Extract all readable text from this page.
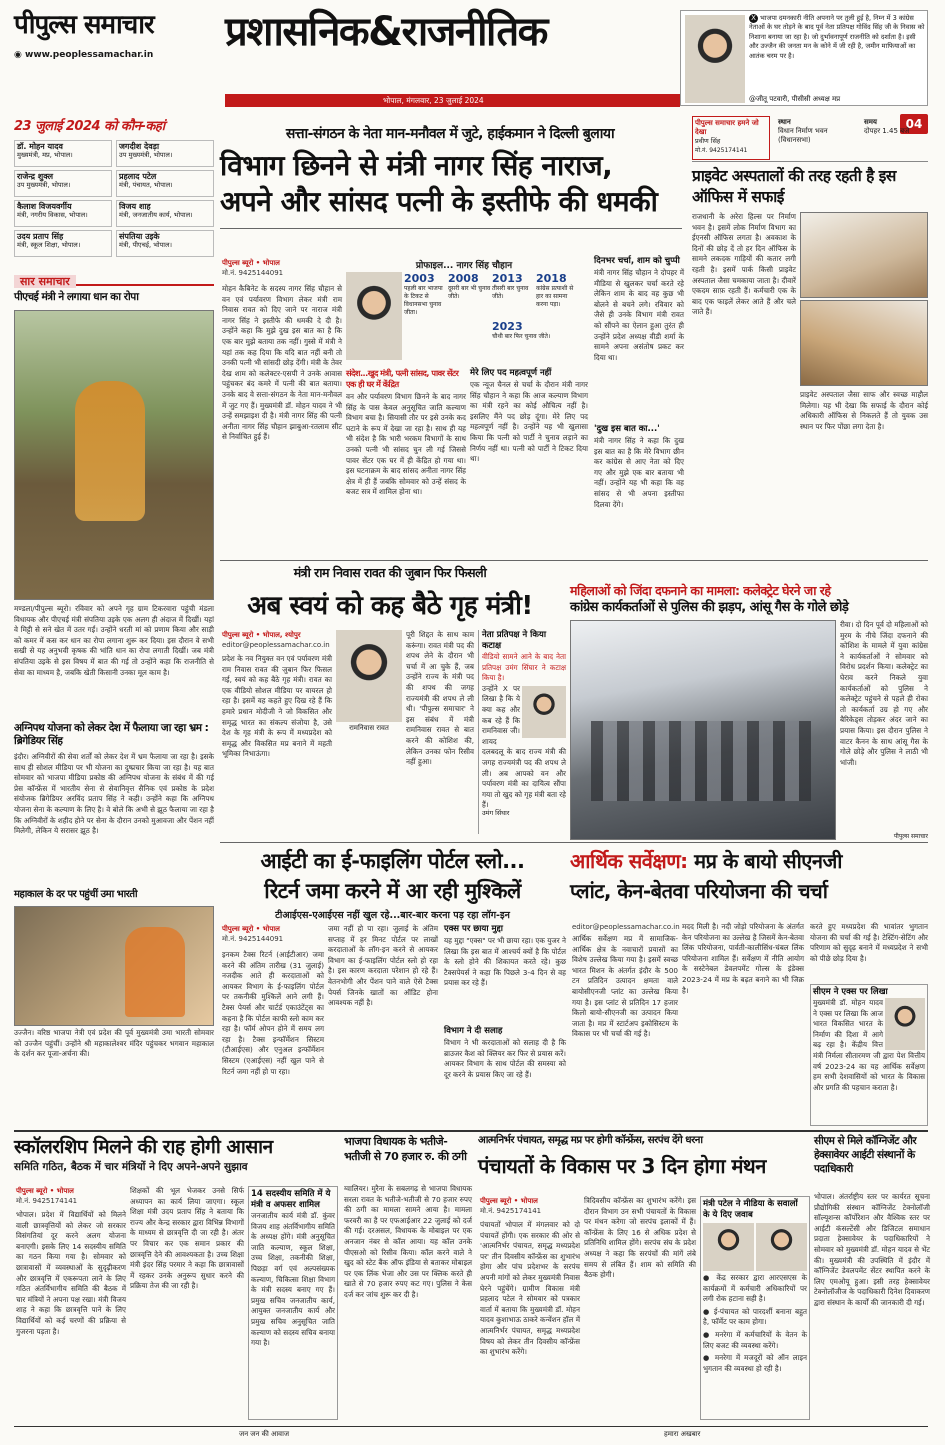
पीपुल्स समाचार
◉ www.peoplessamachar.in	प्रशासनिक&राजनीतिक
भोपाल, मंगलवार, 23 जुलाई 2024
X भाजपा दमनकारी नीति अपनाने पर तुली हुई है, निम्न में 3 कांग्रेस नेताओं के घर तोड़ने के बाद पूर्व नेता प्रतिपक्ष गोविंद सिंह जी के निवास को निशाना बनाया जा रहा है। जो दुर्भावनापूर्ण राजनीति को दर्शाता है। इसी और उज्जैन की जनता मन के कोने में जी रही है, जमीन माफियाओं का आतंक चरम पर है।
@जीतू पटवारी, पीसीसी अध्यक्ष मप्र
04
23 जुलाई 2024 को कौन-कहां
डॉ. मोहन यादव
मुख्यमंत्री, मप्र, भोपाल।
जगदीश देवड़ा
उप मुख्यमंत्री, भोपाल।
राजेन्द्र शुक्ल
उप मुख्यमंत्री, भोपाल।
प्रहलाद पटेल
मंत्री, पंचायत, भोपाल।
कैलाश विजयवर्गीय
मंत्री, नगरीय विकास, भोपाल।
विजय शाह
मंत्री, जनजातीय कार्य, भोपाल।
उदय प्रताप सिंह
मंत्री, स्कूल शिक्षा, भोपाल।
संपतिया उइके
मंत्री, पीएचई, भोपाल।
सार समाचार
पीएचई मंत्री ने लगाया धान का रोपा
मण्डला/पीपुल्स ब्यूरो। रविवार को अपने गृह ग्राम टिकरवारा पहुंची मंडला विधायक और पीएचई मंत्री संपतिया उइके एक अलग ही अंदाज में दिखीं। यहां वे मिट्टी से सने खेत में उतर गईं। उन्होंने धरती मां को प्रणाम किया और साड़ी को कमर में कस कर धान का रोपा लगाना शुरू कर दिया। इस दौरान वे सभी सखी से यह अनुभवी कृषक की भांति धान का रोपा लगाती दिखीं। जब मंत्री संपतिया उइके से इस विषय में बात की गई तो उन्होंने कहा कि राजनीति से सेवा का माध्यम है, जबकि खेती किसानी उनका मूल काम है।
अग्निपथ योजना को लेकर देश में फैलाया जा रहा भ्रम : ब्रिगेडियर सिंह
इंदौर। अग्निवीरों की सेवा शर्तों को लेकर देश में भ्रम फैलाया जा रहा है। इसके साथ ही सोशल मीडिया पर भी योजना का दुष्प्रचार किया जा रहा है। यह बात सोमवार को भाजपा मीडिया प्रकोष्ठ की अग्निपथ योजना के संबंध में की गई प्रेस कॉन्फ्रेंस में भारतीय सेना से सेवानिवृत्त सैनिक एवं प्रकोष्ठ के प्रदेश संयोजक ब्रिगेडियर अरविंद प्रताप सिंह ने कही। उन्होंने कहा कि अग्निपथ योजना सेना के कल्याण के लिए है। वे बोले कि अभी से झूठ फैलाया जा रहा है कि अग्निवीरों के शहीद होने पर सेना के दौरान उनको मुआवजा और पेंशन नहीं मिलेगी, लेकिन ये सरासर झूठ है।
महाकाल के दर पर पहुंचीं उमा भारती
उज्जैन। वरिष्ठ भाजपा नेत्री एवं प्रदेश की पूर्व मुख्यमंत्री उमा भारती सोमवार को उज्जैन पहुंचीं। उन्होंने श्री महाकालेश्वर मंदिर पहुंचकर भगवान महाकाल के दर्शन कर पूजा-अर्चना की।
सत्ता-संगठन के नेता मान-मनौवल में जुटे, हाईकमान ने दिल्ली बुलाया
विभाग छिनने से मंत्री नागर सिंह नाराज,
अपने और सांसद पत्नी के इस्तीफे की धमकी
पीपुल्स ब्यूरो • भोपाल
मो.नं. 9425144091
मोहन कैबिनेट के सदस्य नागर सिंह चौहान से वन एवं पर्यावरण विभाग लेकर मंत्री राम निवास रावत को दिए जाने पर नाराज मंत्री नागर सिंह ने इस्तीफे की धमकी दे दी है। उन्होंने कहा कि मुझे दुख इस बात का है कि एक बार मुझे बताया तक नहीं। गुस्से में मंत्री ने यहां तक कह दिया कि यदि बात नहीं बनी तो उनकी पत्नी भी सांसदी छोड़ देंगी। मंत्री के तेवर देख शाम को कलेक्टर-एसपी ने उनके आवास पहुंचकर बंद कमरे में पत्नी की बात बताया। उनके बाद वे सत्ता-संगठन के नेता मान-मनौवल में जुट गए हैं। मुख्यमंत्री डॉ. मोहन यादव ने भी उन्हें समझाइश दी है। मंत्री नागर सिंह की पत्नी अनीता नागर सिंह चौहान झाबुआ-रतलाम सीट से निर्वाचित हुई हैं।
प्रोफाइल... नागर सिंह चौहान
2003
पहली बार भाजपा के टिकट से विधानसभा चुनाव जीता।
2008
दूसरी बार भी चुनाव जीते।
2013
तीसरी बार चुनाव जीते।
2018
कांग्रेस प्रत्याशी से हार का सामना करना पड़ा।
2023
चौथी बार फिर चुनाव जीते।
संदेश...खुद मंत्री, पत्नी सांसद, पावर सेंटर एक ही घर में केंद्रित
वन और पर्यावरण विभाग छिनने के बाद नागर सिंह के पास केवल अनुसूचित जाति कल्याण विभाग बचा है। सियासी तौर पर इसे उनके कद घटाने के रूप में देखा जा रहा है। साथ ही यह भी संदेश है कि भारी भरकम विभागों के साथ उनको पत्नी भी सांसद चुन ली गई जिससे पावर सेंटर एक घर में ही केंद्रित हो गया था। इस घटनाक्रम के बाद सांसद अनीता नागर सिंह क्षेत्र में ही हैं जबकि सोमवार को उन्हें संसद के बजट सत्र में शामिल होना था।
मेरे लिए पद महत्वपूर्ण नहीं
एक न्यूज चैनल से चर्चा के दौरान मंत्री नागर सिंह चौहान ने कहा कि आज कल्याण विभाग का मंत्री रहने का कोई औचित्य नहीं है। इसलिए मैंने पद छोड़ दूंगा। मेरे लिए पद महत्वपूर्ण नहीं है। उन्होंने यह भी खुलासा किया कि पत्नी को पार्टी ने चुनाव लड़ाने का निर्णय नहीं था। पत्नी को पार्टी ने टिकट दिया था।
दिनभर चर्चा, शाम को चुप्पी
मंत्री नागर सिंह चौहान ने दोपहर में मीडिया से खुलकर चर्चा करते रहे लेकिन शाम के बाद वह कुछ भी बोलने से बचने लगे। रविवार को जैसे ही उनके विभाग मंत्री रावत को सौंपने का ऐलान हुआ तुरंत ही उन्होंने प्रदेश अध्यक्ष वीडी शर्मा के सामने अपना असंतोष प्रकट कर दिया था।
'दुख इस बात का...'
मंत्री नागर सिंह ने कहा कि दुख इस बात का है कि मेरे विभाग छीन कर कांग्रेस से आए नेता को दिए गए और मुझे एक बार बताया भी नहीं। उन्होंने यह भी कहा कि वह सांसद से भी अपना इस्तीफा दिलवा देंगे।
पीपुल्स समाचार हमने जो देखा
प्रवीण सिंह
मो.नं. 9425174141
स्थान
विधान निर्माण भवन (विधानसभा)
समय
दोपहर 1.45 बजे
प्राइवेट अस्पतालों की तरह रहती है इस ऑफिस में सफाई
राजधानी के अरेरा हिल्स पर निर्माण भवन है। इसमें लोक निर्माण विभाग का ईएनसी ऑफिस लगता है। अवकाश के दिनों की छोड़ दें तो हर दिन ऑफिस के सामने लकदक गाड़ियों की कतार लगी रहती है। इसमें पार्क किसी प्राइवेट अस्पताल जैसा चमकाया जाता है। दीवारें एकदम साफ़ रहती हैं। कर्मचारी एक के बाद एक फाइलें लेकर आते हैं और चले जाते हैं।
प्राइवेट अस्पताल जैसा साफ और स्वच्छ माहौल मिलेगा। यह भी देखा कि सफाई के दौरान कोई अधिकारी ऑफिस से निकलते हैं तो युवक उस स्थान पर फिर पोंछा लगा देता है।
मंत्री राम निवास रावत की जुबान फिर फिसली
अब स्वयं को कह बैठे गृह मंत्री!
पीपुल्स ब्यूरो • भोपाल, श्योपुर
editor@peoplessamachar.co.in
प्रदेश के नव नियुक्त वन एवं पर्यावरण मंत्री राम निवास रावत की जुबान फिर फिसल गई, स्वयं को कह बैठे गृह मंत्री। रावत का एक वीडियो सोशल मीडिया पर वायरल हो रहा है। इसमें वह कहते हुए दिख रहे हैं कि हमारे प्रधान मोदीजी ने जो विकसित और समृद्ध भारत का संकल्प संजोया है, उसे देश के गृह मंत्री के रूप में मध्यप्रदेश को समृद्ध और विकसित मप्र बनाने में महती भूमिका निभाऊंगा।
रामनिवास रावत
पूरी शिद्दत के साथ काम करूंगा। रावत मंत्री पद की शपथ लेने के दौरान भी चर्चा में आ चुके हैं, जब उन्होंने राज्य के मंत्री पद की शपथ की जगह राज्यमंत्री की शपथ ले ली थी। 'पीपुल्स समाचार' ने इस संबंध में मंत्री रामनिवास रावत से बात करने की कोशिश की, लेकिन उनका फोन रिसीव नहीं हुआ।
नेता प्रतिपक्ष ने किया कटाक्ष
वीडियो सामने आने के बाद नेता प्रतिपक्ष उमंग सिंघार ने कटाक्ष किया है।
उन्होंने X पर लिखा है कि ये क्या कह और कब रहे हैं कि रामनिवास जी। शायद दलबदलू के बाद राज्य मंत्री की जगह राज्यमंत्री पद की शपथ ले ली। अब आपको वन और पर्यावरण मंत्री का दायित्व सौंपा गया तो खुद को गृह मंत्री बता रहे हैं।
उमंग सिंघार
महिलाओं को जिंदा दफनाने का मामला: कलेक्ट्रेट घेरने जा रहे
कांग्रेस कार्यकर्ताओं से पुलिस की झड़प, आंसू गैस के गोले छोड़े
रीवा। दो दिन पूर्व दो महिलाओं को मुरम के नीचे जिंदा दफनाने की कोशिश के मामले में युवा कांग्रेस ने कार्यकर्ताओं ने सोमवार को विरोध प्रदर्शन किया। कलेक्ट्रेट का घेराव करने निकले युवा कार्यकर्ताओं को पुलिस ने कलेक्ट्रेट पहुंचने से पहले ही रोका तो कार्यकर्ता उग्र हो गए और बैरिकेड्स तोड़कर अंदर जाने का प्रयास किया। इस दौरान पुलिस ने वाटर कैनन के साथ आंसू गैस के गोले छोड़े और पुलिस ने लाठी भी भांजी।
पीपुल्स समाचार
आईटी का ई-फाइलिंग पोर्टल स्लो...
रिटर्न जमा करने में आ रही मुश्किलें
टीआईएस-एआईएस नहीं खुल रहे...बार-बार करना पड़ रहा लॉग-इन
पीपुल्स ब्यूरो • भोपाल
मो.नं. 9425144091
इनकम टैक्स रिटर्न (आईटीआर) जमा करने की अंतिम तारीख (31 जुलाई) नजदीक आते ही करदाताओं को आयकर विभाग के ई-फाइलिंग पोर्टल पर तकनीकी मुश्किलें आने लगी हैं। टैक्स पेयर्स और चार्टर्ड एकाउंटेंट्स का कहना है कि पोर्टल काफी स्लो काम कर रहा है। फॉर्म ओपन होने में समय लग रहा है। टैक्स इन्फॉर्मेशन सिस्टम (टीआईएस) और एनुअल इन्फॉर्मेशन सिस्टम (एआईएस) नहीं खुल पाने से रिटर्न जमा नहीं हो पा रहा।
जमा नहीं हो पा रहा। जुलाई के अंतिम सप्ताह में हर मिनट पोर्टल पर लाखों करदाताओं के लॉग-इन करने से आयकर विभाग का ई-फाइलिंग पोर्टल स्लो हो रहा है। इस कारण करदाता परेशान हो रहे हैं। वेतनभोगी और पेंशन पाने वाले ऐसे टैक्स पेयर्स जिनके खातों का ऑडिट होना आवश्यक नहीं है।
एक्स पर छाया मुद्दा
यह मुद्दा "एक्स" पर भी छाया रहा। एक युजर ने लिखा कि इस बात में आश्चर्य क्यों है कि पोर्टल के स्लो होने की शिकायत करते रहे। कुछ टैक्सपेयर्स ने कहा कि पिछले 3-4 दिन से वह प्रयास कर रहे हैं।
विभाग ने दी सलाह
विभाग ने भी करदाताओं को सलाह दी है कि ब्राउजर कैश को क्लियर कर फिर से प्रयास करें। आयकर विभाग के साथ पोर्टल की समस्या को दूर करने के प्रयास किए जा रहे हैं।
आर्थिक सर्वेक्षण: मप्र के बायो सीएनजी
प्लांट, केन-बेतवा परियोजना की चर्चा
editor@peoplessamachar.co.in
आर्थिक सर्वेक्षण मप्र में सामाजिक-आर्थिक क्षेत्र के नवाचारों प्रयासों का विशेष उल्लेख किया गया है। इसमें स्वच्छ भारत मिशन के अंतर्गत इंदौर के 500 टन प्रतिदिन उत्पादन क्षमता वाले बायोसीएनजी प्लांट का उल्लेख किया गया है। इस प्लांट से प्रतिदिन 17 हजार किलो बायो-सीएनजी का उत्पादन किया जाता है। मप्र में स्टार्टअप इकोसिस्टम के विकास पर भी चर्चा की गई है।
मदद मिली है। नदी जोड़ो परियोजना के अंतर्गत केन परियोजना का उल्लेख है जिसमें केन-बेतवा लिंक परियोजना, पार्वती-कालीसिंध-चंबल लिंक परियोजना शामिल हैं। सर्वेक्षण में नीति आयोग के सस्टेनेबल डेवलपमेंट गोल्स के इंडेक्स 2023-24 में मप्र के बढ़त बनाने का भी जिक्र है।
करते हुए मध्यप्रदेश की भावांतर भुगतान योजना की चर्चा की गई है। टेस्टिंग-सेटिंग और परिणाम को सुदृढ़ बनाने में मध्यप्रदेश ने सभी को पीछे छोड़ दिया है।
सीएम ने एक्स पर लिखा
मुख्यमंत्री डॉ. मोहन यादव ने एक्स पर लिखा कि आज भारत विकसित भारत के निर्माण की दिशा में आगे बढ़ रहा है। केंद्रीय वित्त मंत्री निर्मला सीतारमण जी द्वारा पेश वित्तीय वर्ष 2023-24 का यह आर्थिक सर्वेक्षण हम सभी देशवासियों को भारत के विकास और प्रगति की पहचान कराता है।
स्कॉलरशिप मिलने की राह होगी आसान
समिति गठित, बैठक में चार मंत्रियों ने दिए अपने-अपने सुझाव
पीपुल्स ब्यूरो • भोपाल
मो.नं. 9425174141
भोपाल। प्रदेश में विद्यार्थियों को मिलने वाली छात्रवृत्तियों को लेकर जो सरकार विसंगतियां दूर करने अलग योजना बनाएगी। इसके लिए 14 सदस्यीय समिति का गठन किया गया है। सोमवार को छात्रावासों में व्यवस्थाओं के सुदृढ़ीकरण और छात्रवृत्ति में एकरूपता लाने के लिए गठित अंतर्विभागीय समिति की बैठक में चार मंत्रियों ने अपना पक्ष रखा। मंत्री विजय शाह ने कहा कि छात्रवृत्ति पाने के लिए विद्यार्थियों को कई चरणों की प्रक्रिया से गुजरना पड़ता है।
शिक्षकों की भूल भेजकर उनसे सिर्फ अध्यापन का कार्य लिया जाएगा। स्कूल शिक्षा मंत्री उदय प्रताप सिंह ने बताया कि राज्य और केन्द्र सरकार द्वारा विभिन्न विभागों के माध्यम से छात्रवृत्ति दी जा रही है। अंतर पर विचार कर एक समान प्रकार की छात्रवृत्ति देने की आवश्यकता है। उच्च शिक्षा मंत्री इंदर सिंह परमार ने कहा कि छात्रावासों में रहकर उनके अनुरूप सुधार करने की प्रक्रिया तेज की जा रही है।
14 सदस्यीय समिति में ये मंत्री व अफसर शामिल
जनजातीय कार्य मंत्री डॉ. कुंवर विजय शाह अंतर्विभागीय समिति के अध्यक्ष होंगे। मंत्री अनुसूचित जाति कल्याण, स्कूल शिक्षा, उच्च शिक्षा, तकनीकी शिक्षा, पिछड़ा वर्ग एवं अल्पसंख्यक कल्याण, चिकित्सा शिक्षा विभाग के मंत्री सदस्य बनाए गए हैं। प्रमुख सचिव जनजातीय कार्य, आयुक्त जनजातीय कार्य और प्रमुख सचिव अनुसूचित जाति कल्याण को सदस्य सचिव बनाया गया है।
भाजपा विधायक के भतीजे-भतीजी से 70 हजार रु. की ठगी
ग्वालियर। मुरैना के सबलगढ़ से भाजपा विधायक सरला रावत के भतीजे-भतीजी से 70 हजार रुपए की ठगी का मामला सामने आया है। मामला फरवरी का है पर एफआईआर 22 जुलाई को दर्ज की गई। दरअसल, विधायक के मोबाइल पर एक अनजान नंबर से कॉल आया। यह कॉल उनके पीएसओ को रिसीव किया। कॉल करने वाले ने खुद को स्टेट बैंक ऑफ इंडिया से बताकर मोबाइल पर एक लिंक भेजा और उस पर क्लिक करते ही खाते से 70 हजार रुपए कट गए। पुलिस ने केस दर्ज कर जांच शुरू कर दी है।
आत्मनिर्भर पंचायत, समृद्ध मप्र पर होगी कॉन्फ्रेंस, सरपंच देंगे धरना
पंचायतों के विकास पर 3 दिन होगा मंथन
पीपुल्स ब्यूरो • भोपाल
मो.नं. 9425174141
पंचायतों भोपाल में मंगलवार को दो पंचायतें होंगी। एक सरकार की ओर से 'आत्मनिर्भर पंचायत, समृद्ध मध्यप्रदेश पर' तीन दिवसीय कॉन्फ्रेंस का शुभारंभ होगा और पांच प्रदेशभर के सरपंच अपनी मांगों को लेकर मुख्यमंत्री निवास घेरने पहुंचेंगे। ग्रामीण विकास मंत्री प्रहलाद पटेल ने सोमवार को पत्रकार वार्ता में बताया कि मुख्यमंत्री डॉ. मोहन यादव कुशाभाऊ ठाकरे कन्वेंशन हॉल में आत्मनिर्भर पंचायत, समृद्ध मध्यप्रदेश विषय को लेकर तीन दिवसीय कॉन्फ्रेंस का शुभारंभ करेंगे।
त्रिदिवसीय कॉन्फ्रेंस का शुभारंभ करेंगे। इस दौरान विभाग उन सभी पंचायतों के विकास पर मंथन करेगा जो सरपंच इलाकों में हैं। कॉन्फ्रेंस के लिए 16 से अधिक प्रदेश से प्रतिनिधि शामिल होंगे। सरपंच संघ के प्रदेश अध्यक्ष ने कहा कि सरपंचों की मांगें लंबे समय से लंबित हैं। शाम को समिति की बैठक होगी।
मंत्री पटेल ने मीडिया के सवालों के ये दिए जवाब

● केंद्र सरकार द्वारा आरएसएस के कार्यक्रमों में कर्मचारी अधिकारियों पर लगी रोक हटाना सही है।

● ई-पंचायत को पारदर्शी बनाना बहुत है, फॉर्मेट पर काम होगा।

● मनरेगा में कर्मचारियों के वेतन के लिए बजट की व्यवस्था करेंगे।

● मनरेगा में मजदूरों को ऑन लाइन भुगतान की व्यवस्था हो रही है।

सीएम से मिले कॉग्निजेंट और हेक्सावेयर आईटी संस्थानों के पदाधिकारी
भोपाल। अंतर्राष्ट्रीय स्तर पर कार्यरत सूचना प्रौद्योगिकी संस्थान कॉग्निजेंट टेक्नोलॉजी सॉल्यूशन्स कॉर्पोरेशन और वैश्विक स्तर पर आईटी कंसल्टेंसी और डिजिटल समाधान प्रदाता हेक्सावेयर के पदाधिकारियों ने सोमवार को मुख्यमंत्री डॉ. मोहन यादव से भेंट की। मुख्यमंत्री की उपस्थिति में इंदौर में कॉग्निजेंट डेवलपमेंट सेंटर स्थापित करने के लिए एमओयू हुआ। इसी तरह हेक्सावेयर टेक्नोलॉजीज के पदाधिकारी दिनेश दिवाकरण द्वारा संस्थान के कार्यों की जानकारी दी गई।
जन जन की आवाज	हमारा अखबार
